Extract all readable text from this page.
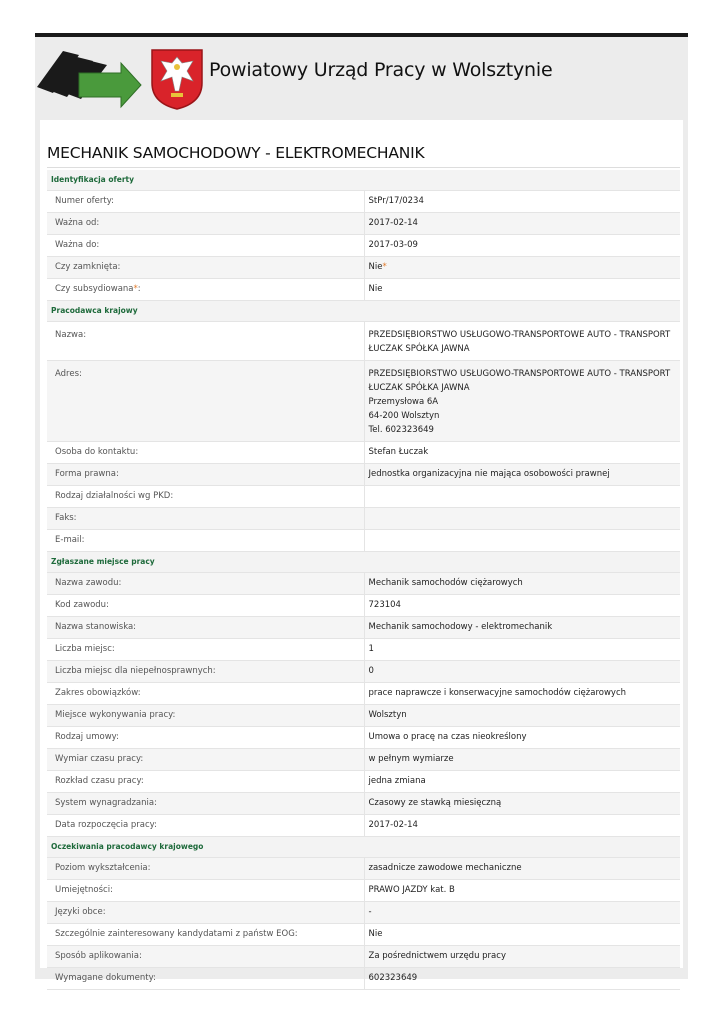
Powiatowy Urząd Pracy w Wolsztynie
MECHANIK SAMOCHODOWY - ELEKTROMECHANIK
Identyfikacja oferty	
Numer oferty:	StPr/17/0234
Ważna od:	2017-02-14
Ważna do:	2017-03-09
Czy zamknięta:	Nie*
Czy subsydiowana*:	Nie
Pracodawca krajowy	
Nazwa:	PRZEDSIĘBIORSTWO USŁUGOWO-TRANSPORTOWE AUTO - TRANSPORT
ŁUCZAK SPÓŁKA JAWNA

Adres:	PRZEDSIĘBIORSTWO USŁUGOWO-TRANSPORTOWE AUTO - TRANSPORT
ŁUCZAK SPÓŁKA JAWNA
Przemysłowa 6A
64-200 Wolsztyn
Tel. 602323649

Osoba do kontaktu:	Stefan Łuczak
Forma prawna:	Jednostka organizacyjna nie mająca osobowości prawnej
Rodzaj działalności wg PKD:	
Faks:	
E-mail:	
Zgłaszane miejsce pracy	
Nazwa zawodu:	Mechanik samochodów ciężarowych
Kod zawodu:	723104
Nazwa stanowiska:	Mechanik samochodowy - elektromechanik
Liczba miejsc:	1
Liczba miejsc dla niepełnosprawnych:	0
Zakres obowiązków:	prace naprawcze i konserwacyjne samochodów ciężarowych
Miejsce wykonywania pracy:	Wolsztyn
Rodzaj umowy:	Umowa o pracę na czas nieokreślony
Wymiar czasu pracy:	w pełnym wymiarze
Rozkład czasu pracy:	jedna zmiana
System wynagradzania:	Czasowy ze stawką miesięczną
Data rozpoczęcia pracy:	2017-02-14
Oczekiwania pracodawcy krajowego	
Poziom wykształcenia:	zasadnicze zawodowe mechaniczne
Umiejętności:	PRAWO JAZDY kat. B
Języki obce:	-
Szczególnie zainteresowany kandydatami z państw EOG:	Nie
Sposób aplikowania:	Za pośrednictwem urzędu pracy
Wymagane dokumenty:	602323649
